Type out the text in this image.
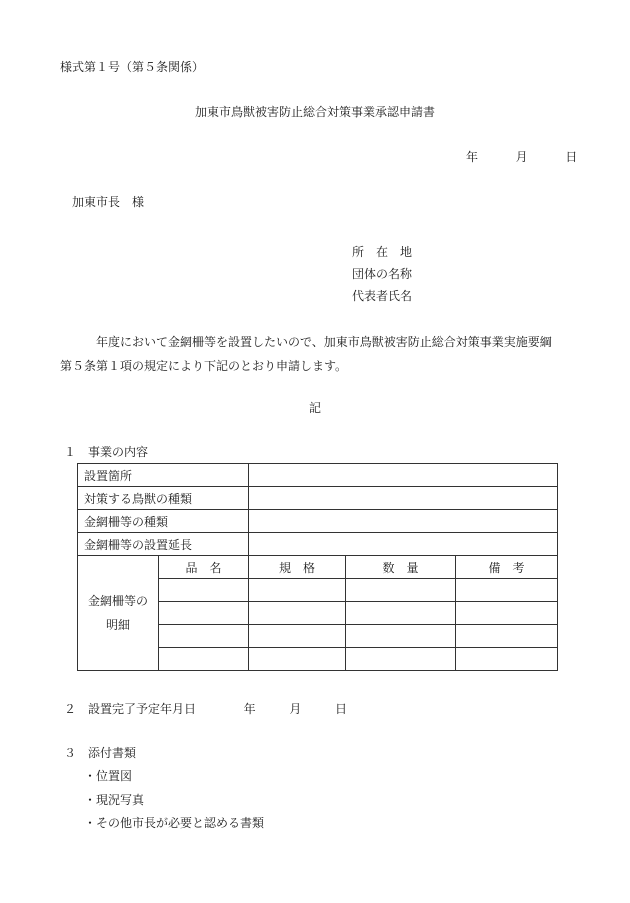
様式第１号（第５条関係）
加東市鳥獣被害防止総合対策事業承認申請書
年	月	日
加東市長　様
所　在　地
団体の名称
代表者氏名

年度において金網柵等を設置したいので、加東市鳥獣被害防止総合対策事業実施要綱

第５条第１項の規定により下記のとおり申請します。

記
１　事業の内容
設置箇所				
対策する鳥獣の種類				
金網柵等の種類				
金網柵等の設置延長				
金網柵等の
明細	品　名	規　格	数　量	備　考

２　設置完了予定年月日	年	月	日
３　添付書類
・位置図
・現況写真
・その他市長が必要と認める書類
